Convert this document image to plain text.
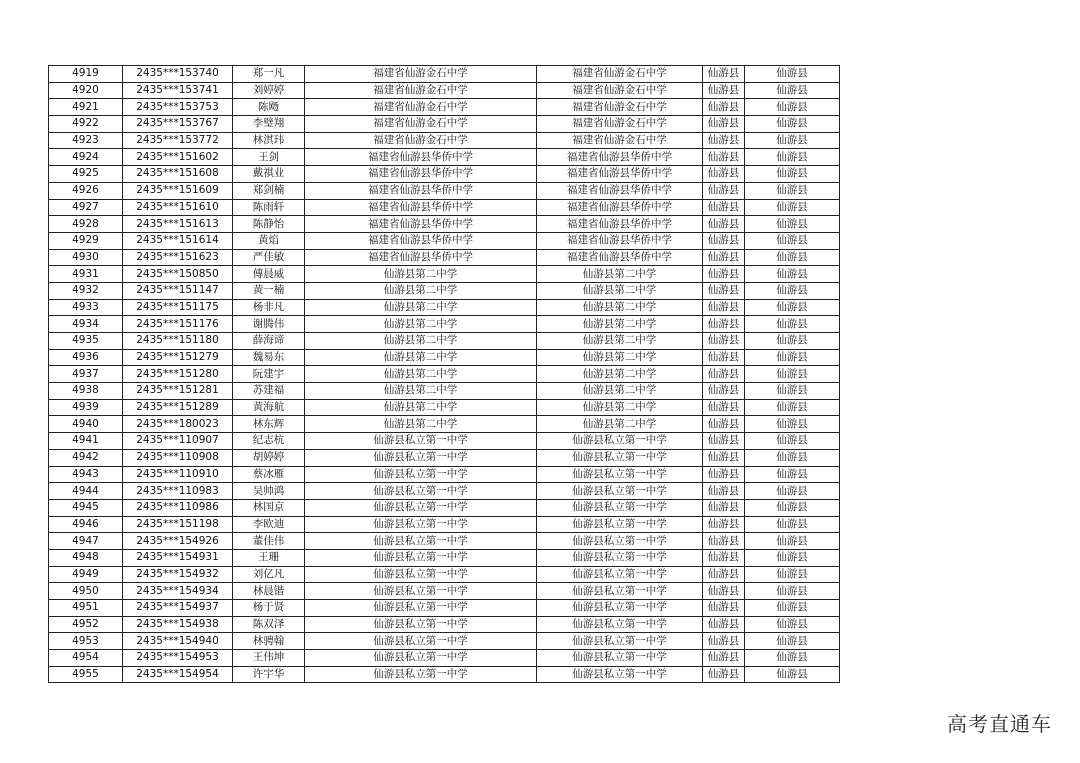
4919	2435***153740	郑一凡	福建省仙游金石中学	福建省仙游金石中学	仙游县	仙游县
4920	2435***153741	刘婷婷	福建省仙游金石中学	福建省仙游金石中学	仙游县	仙游县
4921	2435***153753	陈飏	福建省仙游金石中学	福建省仙游金石中学	仙游县	仙游县
4922	2435***153767	李璧翔	福建省仙游金石中学	福建省仙游金石中学	仙游县	仙游县
4923	2435***153772	林淇玮	福建省仙游金石中学	福建省仙游金石中学	仙游县	仙游县
4924	2435***151602	王剑	福建省仙游县华侨中学	福建省仙游县华侨中学	仙游县	仙游县
4925	2435***151608	戴祺业	福建省仙游县华侨中学	福建省仙游县华侨中学	仙游县	仙游县
4926	2435***151609	郑剑楠	福建省仙游县华侨中学	福建省仙游县华侨中学	仙游县	仙游县
4927	2435***151610	陈雨轩	福建省仙游县华侨中学	福建省仙游县华侨中学	仙游县	仙游县
4928	2435***151613	陈静怡	福建省仙游县华侨中学	福建省仙游县华侨中学	仙游县	仙游县
4929	2435***151614	黄焰	福建省仙游县华侨中学	福建省仙游县华侨中学	仙游县	仙游县
4930	2435***151623	严佳敏	福建省仙游县华侨中学	福建省仙游县华侨中学	仙游县	仙游县
4931	2435***150850	傅晨威	仙游县第二中学	仙游县第二中学	仙游县	仙游县
4932	2435***151147	黄一楠	仙游县第二中学	仙游县第二中学	仙游县	仙游县
4933	2435***151175	杨非凡	仙游县第二中学	仙游县第二中学	仙游县	仙游县
4934	2435***151176	谢腾伟	仙游县第二中学	仙游县第二中学	仙游县	仙游县
4935	2435***151180	薛海谛	仙游县第二中学	仙游县第二中学	仙游县	仙游县
4936	2435***151279	魏易东	仙游县第二中学	仙游县第二中学	仙游县	仙游县
4937	2435***151280	阮建宇	仙游县第二中学	仙游县第二中学	仙游县	仙游县
4938	2435***151281	苏建福	仙游县第二中学	仙游县第二中学	仙游县	仙游县
4939	2435***151289	黄海航	仙游县第二中学	仙游县第二中学	仙游县	仙游县
4940	2435***180023	林东辉	仙游县第二中学	仙游县第二中学	仙游县	仙游县
4941	2435***110907	纪志杭	仙游县私立第一中学	仙游县私立第一中学	仙游县	仙游县
4942	2435***110908	胡婷婷	仙游县私立第一中学	仙游县私立第一中学	仙游县	仙游县
4943	2435***110910	蔡冰雁	仙游县私立第一中学	仙游县私立第一中学	仙游县	仙游县
4944	2435***110983	吴帅鸿	仙游县私立第一中学	仙游县私立第一中学	仙游县	仙游县
4945	2435***110986	林国京	仙游县私立第一中学	仙游县私立第一中学	仙游县	仙游县
4946	2435***151198	李欧迪	仙游县私立第一中学	仙游县私立第一中学	仙游县	仙游县
4947	2435***154926	董佳伟	仙游县私立第一中学	仙游县私立第一中学	仙游县	仙游县
4948	2435***154931	王珊	仙游县私立第一中学	仙游县私立第一中学	仙游县	仙游县
4949	2435***154932	刘亿凡	仙游县私立第一中学	仙游县私立第一中学	仙游县	仙游县
4950	2435***154934	林晨锴	仙游县私立第一中学	仙游县私立第一中学	仙游县	仙游县
4951	2435***154937	杨于贤	仙游县私立第一中学	仙游县私立第一中学	仙游县	仙游县
4952	2435***154938	陈双泽	仙游县私立第一中学	仙游县私立第一中学	仙游县	仙游县
4953	2435***154940	林骋翰	仙游县私立第一中学	仙游县私立第一中学	仙游县	仙游县
4954	2435***154953	王伟坤	仙游县私立第一中学	仙游县私立第一中学	仙游县	仙游县
4955	2435***154954	许宇华	仙游县私立第一中学	仙游县私立第一中学	仙游县	仙游县
高考直通车
